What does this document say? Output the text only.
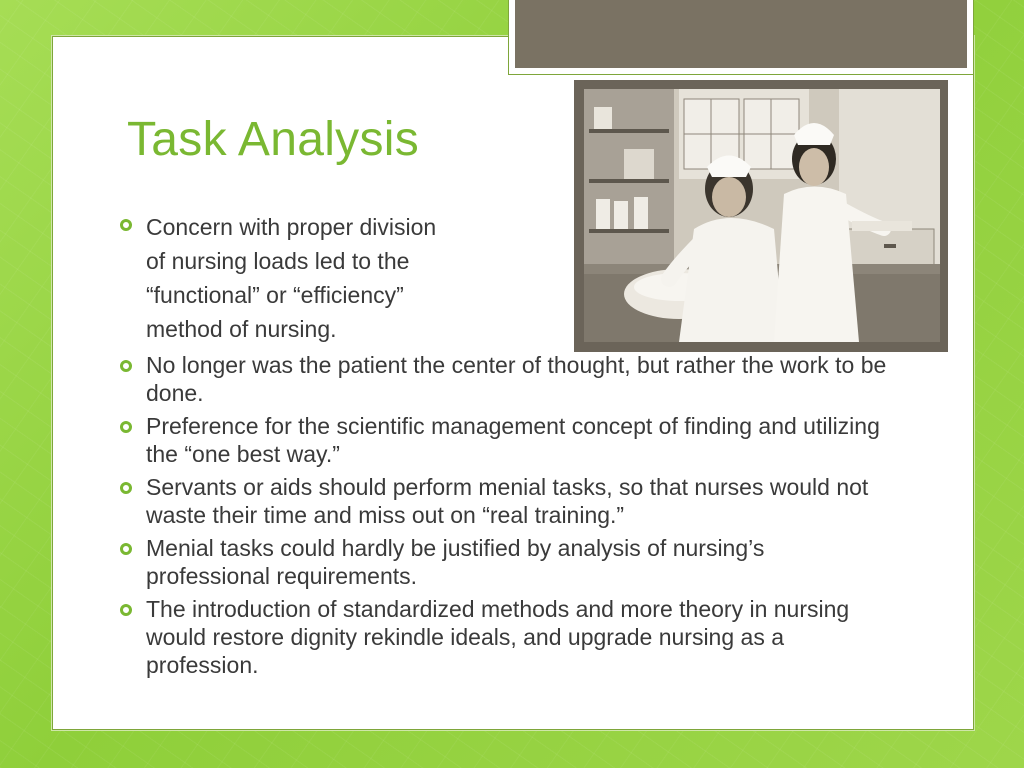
Task Analysis
Concern with proper division
of nursing loads led to the
“functional” or “efficiency”
method of nursing.
No longer was the patient the center of thought, but rather the work to be done.
Preference for the scientific management concept of finding and utilizing the “one best way.”
Servants or aids should perform menial tasks, so that nurses would not waste their time and miss out on “real training.”
Menial tasks could hardly be justified by analysis of nursing’s professional requirements.
The introduction of standardized methods and more theory in nursing would restore dignity rekindle ideals, and upgrade nursing as a profession.
